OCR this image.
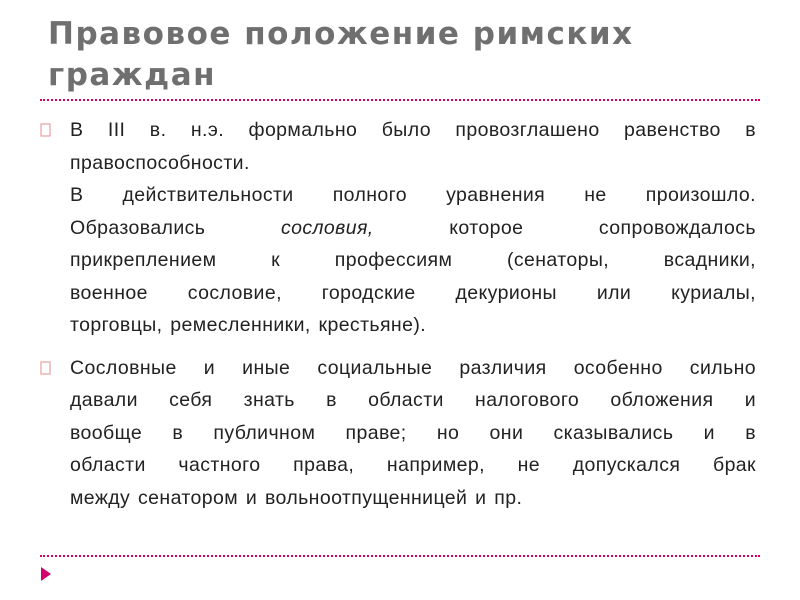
Правовое положение римских граждан

В III в. н.э. формально было провозглашено равенство в
правоспособности.
В действительности полного уравнения не произошло.
Образовались сословия, которое сопровождалось
прикреплением к профессиям (сенаторы, всадники,
военное сословие, городские декурионы или куриалы,
торговцы, ремесленники, крестьяне).

Сословные и иные социальные различия особенно сильно
давали себя знать в области налогового обложения и
вообще в публичном праве; но они сказывались и в
области частного права, например, не допускался брак
между сенатором и вольноотпущенницей и пр.
